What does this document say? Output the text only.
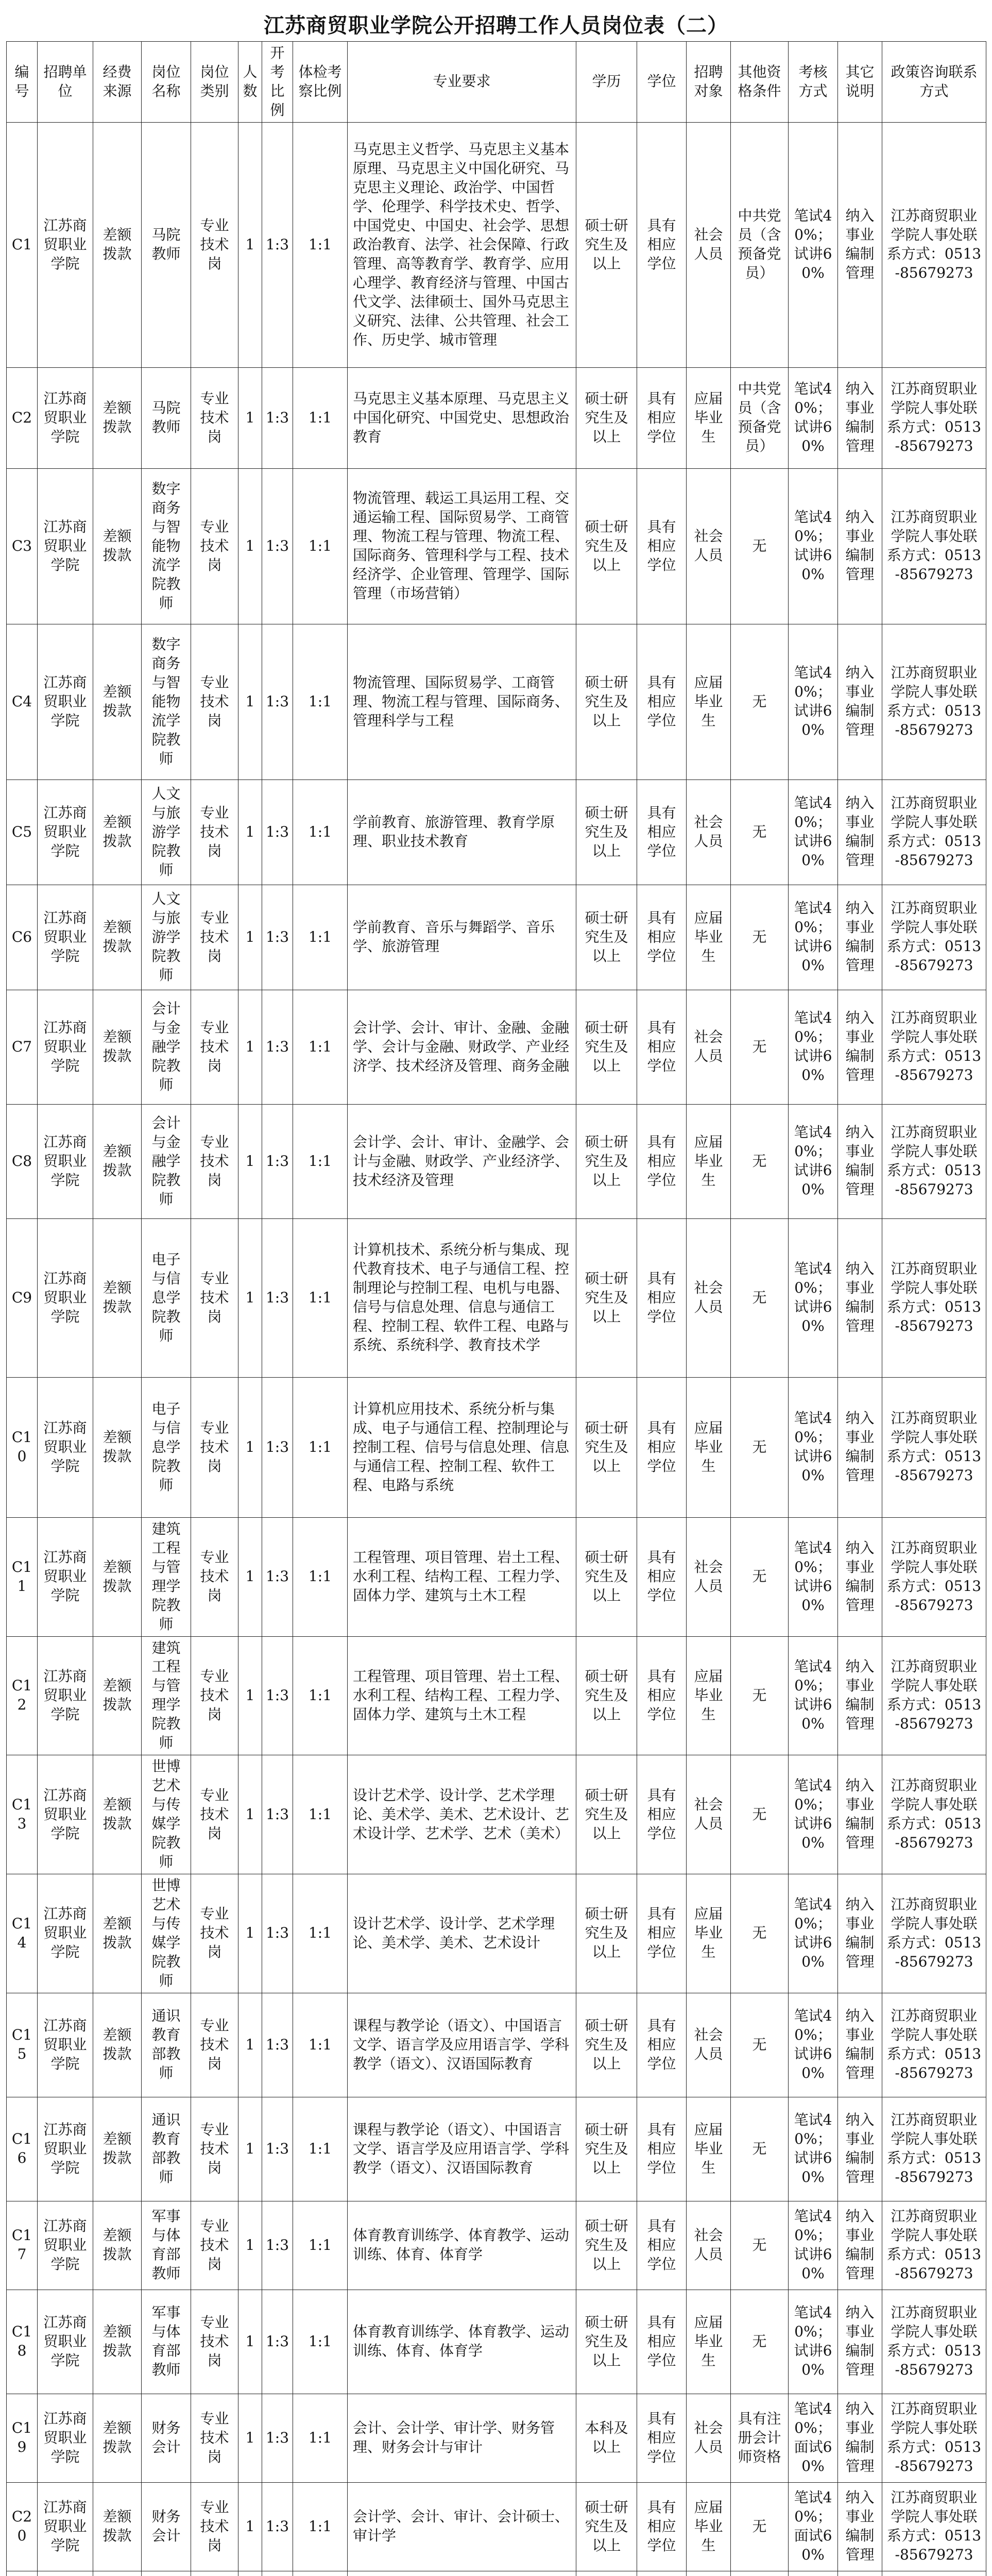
江苏商贸职业学院公开招聘工作人员岗位表（二）
编号	招聘单位	经费来源	岗位名称	岗位类别	人数	开考比例	体检考察比例	专业要求	学历	学位	招聘对象	其他资格条件	考核方式	其它说明	政策咨询联系方式
C1	江苏商贸职业学院	差额拨款	马院教师	专业技术岗	1	1:3	1:1	马克思主义哲学、马克思主义基本原理、马克思主义中国化研究、马克思主义理论、政治学、中国哲学、伦理学、科学技术史、哲学、中国党史、中国史、社会学、思想政治教育、法学、社会保障、行政管理、高等教育学、教育学、应用心理学、教育经济与管理、中国古代文学、法律硕士、国外马克思主义研究、法律、公共管理、社会工作、历史学、城市管理	硕士研究生及以上	具有相应学位	社会人员	中共党员（含预备党员）	笔试40%；试讲60%	纳入事业编制管理	江苏商贸职业学院人事处联系方式：0513-85679273
C2	江苏商贸职业学院	差额拨款	马院教师	专业技术岗	1	1:3	1:1	马克思主义基本原理、马克思主义中国化研究、中国党史、思想政治教育	硕士研究生及以上	具有相应学位	应届毕业生	中共党员（含预备党员）	笔试40%；试讲60%	纳入事业编制管理	江苏商贸职业学院人事处联系方式：0513-85679273
C3	江苏商贸职业学院	差额拨款	数字商务与智能物流学院教师	专业技术岗	1	1:3	1:1	物流管理、载运工具运用工程、交通运输工程、国际贸易学、工商管理、物流工程与管理、物流工程、国际商务、管理科学与工程、技术经济学、企业管理、管理学、国际管理（市场营销）	硕士研究生及以上	具有相应学位	社会人员	无	笔试40%；试讲60%	纳入事业编制管理	江苏商贸职业学院人事处联系方式：0513-85679273
C4	江苏商贸职业学院	差额拨款	数字商务与智能物流学院教师	专业技术岗	1	1:3	1:1	物流管理、国际贸易学、工商管理、物流工程与管理、国际商务、管理科学与工程	硕士研究生及以上	具有相应学位	应届毕业生	无	笔试40%；试讲60%	纳入事业编制管理	江苏商贸职业学院人事处联系方式：0513-85679273
C5	江苏商贸职业学院	差额拨款	人文与旅游学院教师	专业技术岗	1	1:3	1:1	学前教育、旅游管理、教育学原理、职业技术教育	硕士研究生及以上	具有相应学位	社会人员	无	笔试40%；试讲60%	纳入事业编制管理	江苏商贸职业学院人事处联系方式：0513-85679273
C6	江苏商贸职业学院	差额拨款	人文与旅游学院教师	专业技术岗	1	1:3	1:1	学前教育、音乐与舞蹈学、音乐学、旅游管理	硕士研究生及以上	具有相应学位	应届毕业生	无	笔试40%；试讲60%	纳入事业编制管理	江苏商贸职业学院人事处联系方式：0513-85679273
C7	江苏商贸职业学院	差额拨款	会计与金融学院教师	专业技术岗	1	1:3	1:1	会计学、会计、审计、金融、金融学、会计与金融、财政学、产业经济学、技术经济及管理、商务金融	硕士研究生及以上	具有相应学位	社会人员	无	笔试40%；试讲60%	纳入事业编制管理	江苏商贸职业学院人事处联系方式：0513-85679273
C8	江苏商贸职业学院	差额拨款	会计与金融学院教师	专业技术岗	1	1:3	1:1	会计学、会计、审计、金融学、会计与金融、财政学、产业经济学、技术经济及管理	硕士研究生及以上	具有相应学位	应届毕业生	无	笔试40%；试讲60%	纳入事业编制管理	江苏商贸职业学院人事处联系方式：0513-85679273
C9	江苏商贸职业学院	差额拨款	电子与信息学院教师	专业技术岗	1	1:3	1:1	计算机技术、系统分析与集成、现代教育技术、电子与通信工程、控制理论与控制工程、电机与电器、信号与信息处理、信息与通信工程、控制工程、软件工程、电路与系统、系统科学、教育技术学	硕士研究生及以上	具有相应学位	社会人员	无	笔试40%；试讲60%	纳入事业编制管理	江苏商贸职业学院人事处联系方式：0513-85679273
C10	江苏商贸职业学院	差额拨款	电子与信息学院教师	专业技术岗	1	1:3	1:1	计算机应用技术、系统分析与集成、电子与通信工程、控制理论与控制工程、信号与信息处理、信息与通信工程、控制工程、软件工程、电路与系统	硕士研究生及以上	具有相应学位	应届毕业生	无	笔试40%；试讲60%	纳入事业编制管理	江苏商贸职业学院人事处联系方式：0513-85679273
C11	江苏商贸职业学院	差额拨款	建筑工程与管理学院教师	专业技术岗	1	1:3	1:1	工程管理、项目管理、岩土工程、水利工程、结构工程、工程力学、固体力学、建筑与土木工程	硕士研究生及以上	具有相应学位	社会人员	无	笔试40%；试讲60%	纳入事业编制管理	江苏商贸职业学院人事处联系方式：0513-85679273
C12	江苏商贸职业学院	差额拨款	建筑工程与管理学院教师	专业技术岗	1	1:3	1:1	工程管理、项目管理、岩土工程、水利工程、结构工程、工程力学、固体力学、建筑与土木工程	硕士研究生及以上	具有相应学位	应届毕业生	无	笔试40%；试讲60%	纳入事业编制管理	江苏商贸职业学院人事处联系方式：0513-85679273
C13	江苏商贸职业学院	差额拨款	世博艺术与传媒学院教师	专业技术岗	1	1:3	1:1	设计艺术学、设计学、艺术学理论、美术学、美术、艺术设计、艺术设计学、艺术学、艺术（美术）	硕士研究生及以上	具有相应学位	社会人员	无	笔试40%；试讲60%	纳入事业编制管理	江苏商贸职业学院人事处联系方式：0513-85679273
C14	江苏商贸职业学院	差额拨款	世博艺术与传媒学院教师	专业技术岗	1	1:3	1:1	设计艺术学、设计学、艺术学理论、美术学、美术、艺术设计	硕士研究生及以上	具有相应学位	应届毕业生	无	笔试40%；试讲60%	纳入事业编制管理	江苏商贸职业学院人事处联系方式：0513-85679273
C15	江苏商贸职业学院	差额拨款	通识教育部教师	专业技术岗	1	1:3	1:1	课程与教学论（语文）、中国语言文学、语言学及应用语言学、学科教学（语文）、汉语国际教育	硕士研究生及以上	具有相应学位	社会人员	无	笔试40%；试讲60%	纳入事业编制管理	江苏商贸职业学院人事处联系方式：0513-85679273
C16	江苏商贸职业学院	差额拨款	通识教育部教师	专业技术岗	1	1:3	1:1	课程与教学论（语文）、中国语言文学、语言学及应用语言学、学科教学（语文）、汉语国际教育	硕士研究生及以上	具有相应学位	应届毕业生	无	笔试40%；试讲60%	纳入事业编制管理	江苏商贸职业学院人事处联系方式：0513-85679273
C17	江苏商贸职业学院	差额拨款	军事与体育部教师	专业技术岗	1	1:3	1:1	体育教育训练学、体育教学、运动训练、体育、体育学	硕士研究生及以上	具有相应学位	社会人员	无	笔试40%；试讲60%	纳入事业编制管理	江苏商贸职业学院人事处联系方式：0513-85679273
C18	江苏商贸职业学院	差额拨款	军事与体育部教师	专业技术岗	1	1:3	1:1	体育教育训练学、体育教学、运动训练、体育、体育学	硕士研究生及以上	具有相应学位	应届毕业生	无	笔试40%；试讲60%	纳入事业编制管理	江苏商贸职业学院人事处联系方式：0513-85679273
C19	江苏商贸职业学院	差额拨款	财务会计	专业技术岗	1	1:3	1:1	会计、会计学、审计学、财务管理、财务会计与审计	本科及以上	具有相应学位	社会人员	具有注册会计师资格	笔试40%；面试60%	纳入事业编制管理	江苏商贸职业学院人事处联系方式：0513-85679273
C20	江苏商贸职业学院	差额拨款	财务会计	专业技术岗	1	1:3	1:1	会计学、会计、审计、会计硕士、审计学	硕士研究生及以上	具有相应学位	应届毕业生	无	笔试40%；面试60%	纳入事业编制管理	江苏商贸职业学院人事处联系方式：0513-85679273
